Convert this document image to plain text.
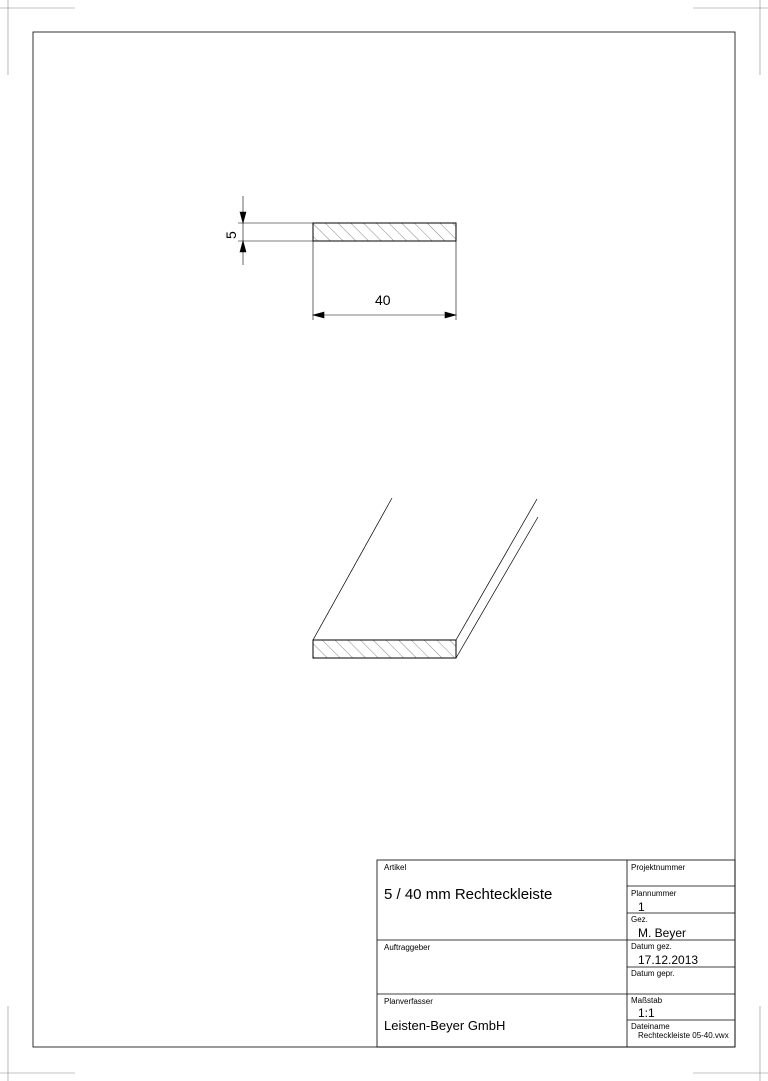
5
40
Artikel
5 / 40 mm Rechteckleiste
Auftraggeber
Planverfasser
Leisten-Beyer GmbH
Projektnummer
Plannummer
1
Gez.
M. Beyer
Datum gez.
17.12.2013
Datum gepr.
Maßstab
1:1
Dateiname
Rechteckleiste 05-40.vwx
